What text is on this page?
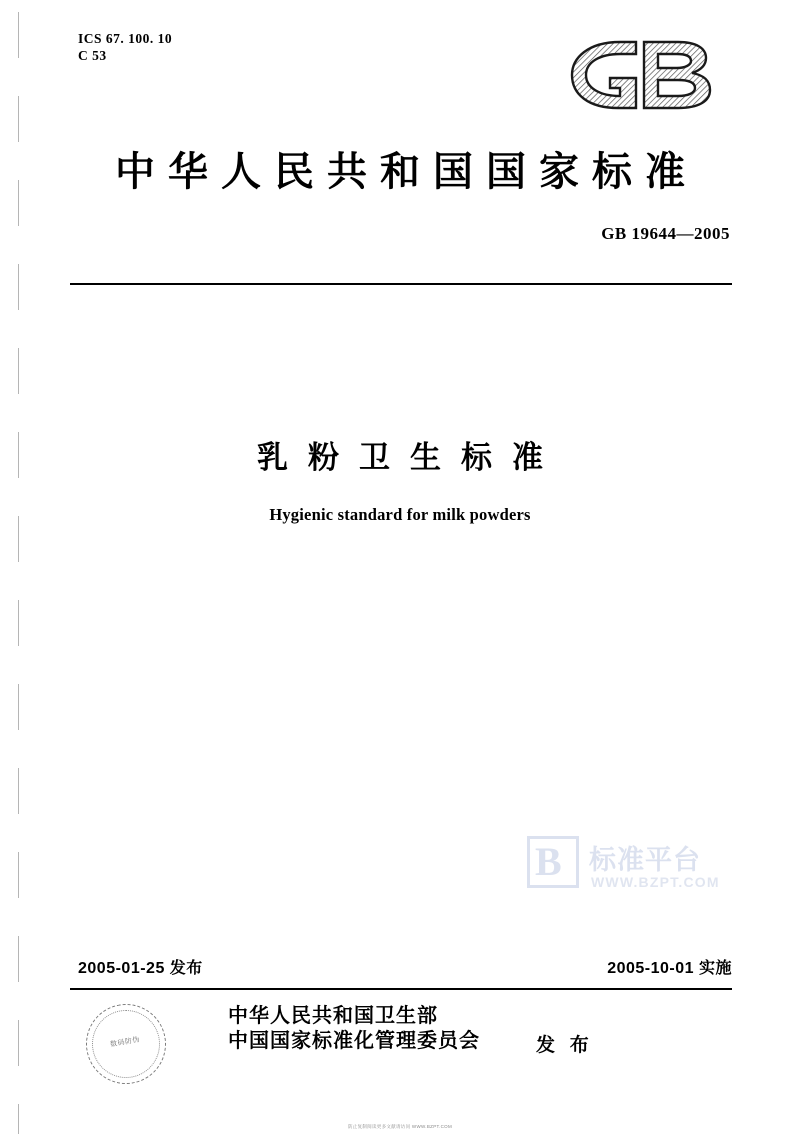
ICS 67. 100. 10
C 53
中华人民共和国国家标准
GB 19644—2005
乳粉卫生标准
Hygienic standard for milk powders
B 标准平台
WWW.BZPT.COM
2005-01-25 发布	2005-10-01 实施
数码防伪
中华人民共和国卫生部
中国国家标准化管理委员会	发 布
防止复制阅读更多文献请访问 WWW.BZPT.COM
